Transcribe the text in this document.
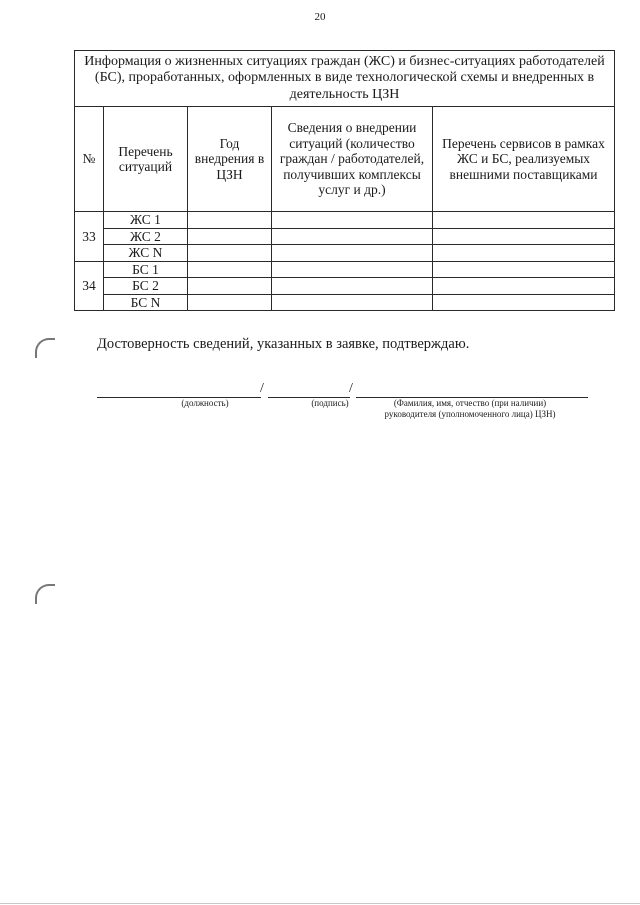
20
Информация о жизненных ситуациях граждан (ЖС) и бизнес-ситуациях работодателей (БС), проработанных, оформленных в виде технологической схемы и внедренных в деятельность ЦЗН				

№	Перечень ситуаций	Год внедрения в ЦЗН	Сведения о внедрении ситуаций (количество граждан / работодателей, получивших комплексы услуг и др.)	Перечень сервисов в рамках ЖС и БС, реализуемых внешними поставщиками
33	ЖС 1			
	ЖС 2			
	ЖС N			
34	БС 1			
	БС 2			
	БС N			
Достоверность сведений, указанных в заявке, подтверждаю.
/	/
(должность)	(подпись)	(Фамилия, имя, отчество (при наличии)
руководителя (уполномоченного лица) ЦЗН)
